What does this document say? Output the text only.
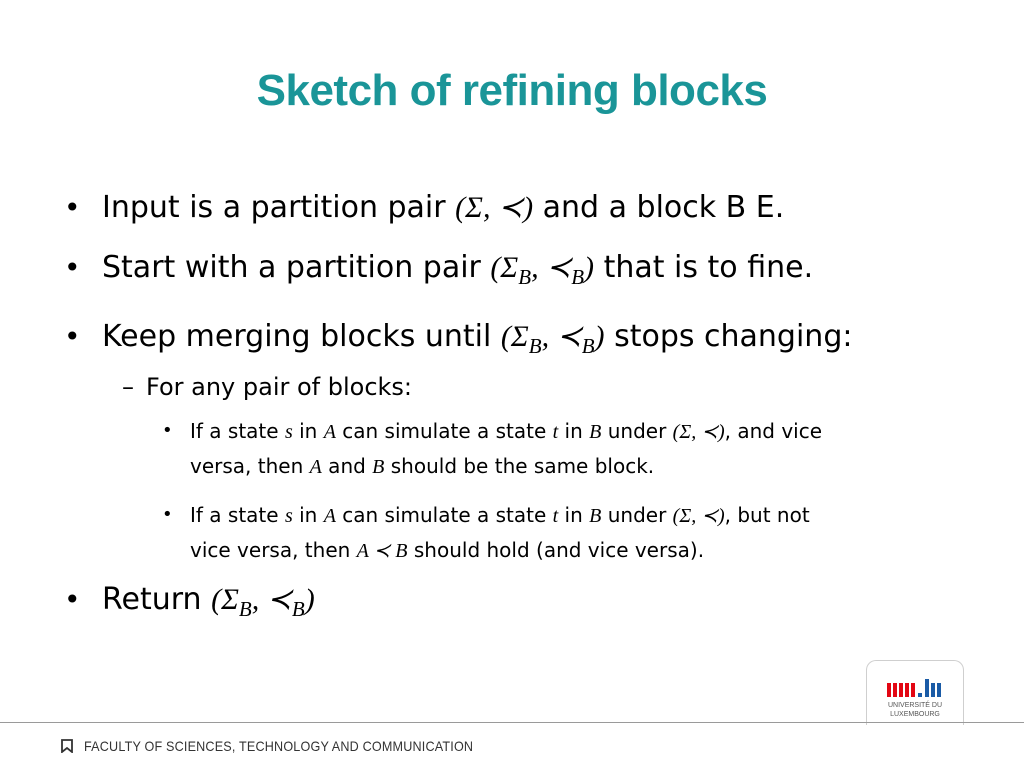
Sketch of refining blocks
• Input is a partition pair (Σ, ≺) and a block B E.
• Start with a partition pair ($\Sigma_B$, $≺_B$) that is to fine.
• Keep merging blocks until ($\Sigma_B$, $≺_B$) stops changing:
– For any pair of blocks:
• If a state s in A can simulate a state t in B under (Σ, ≺), and vice versa, then A and B should be the same block.
• If a state s in A can simulate a state t in B under (Σ, ≺), but not vice versa, then A ≺ B should hold (and vice versa).
• Return ($\Sigma_B$, $≺_B$)
UNIVERSITÉ DU
LUXEMBOURG
FACULTY OF SCIENCES, TECHNOLOGY AND COMMUNICATION
